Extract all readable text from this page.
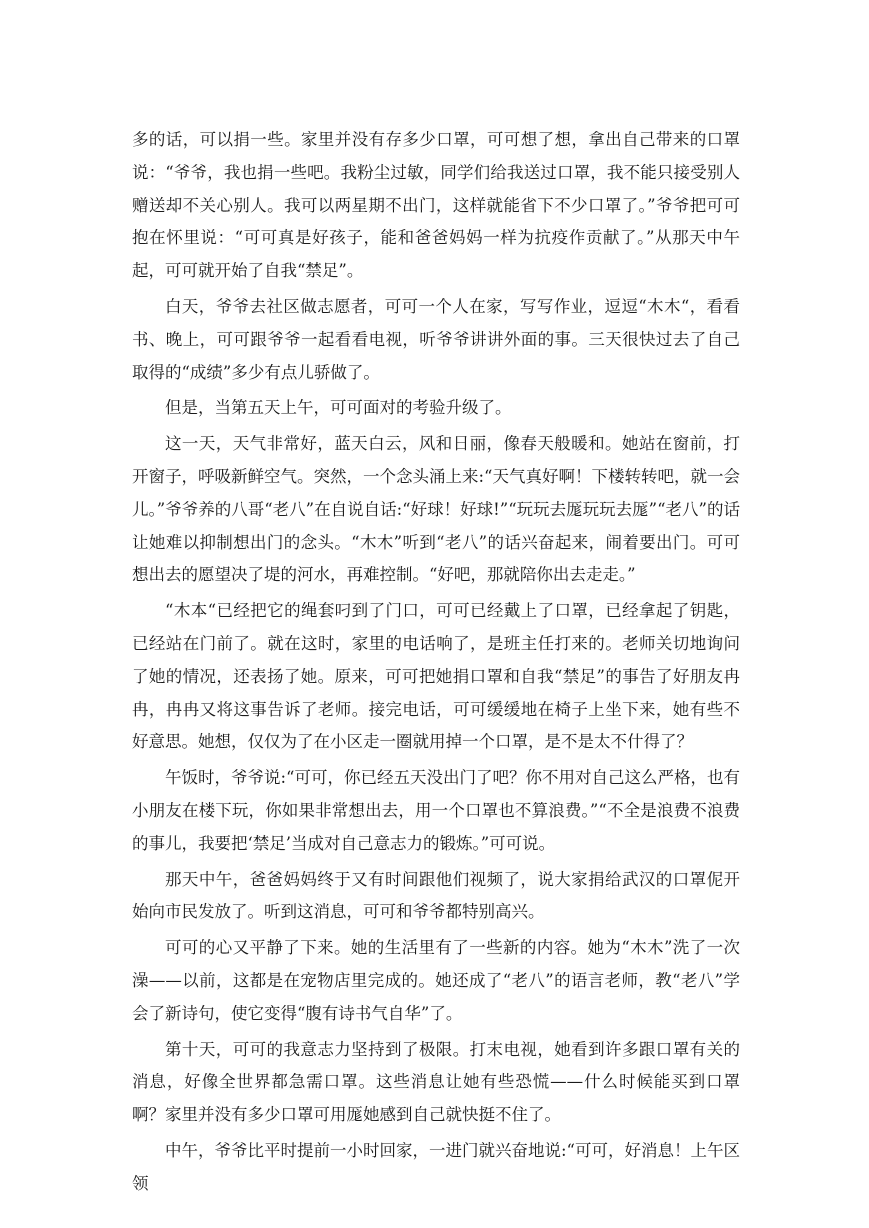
多的话，可以捐一些。家里并没有存多少口罩，可可想了想，拿出自己带来的口罩 说：“爷爷，我也捐一些吧。我粉尘过敏，同学们给我送过口罩，我不能只接受别人赠送却不关心别人。我可以两星期不出门，这样就能省下不少口罩了。”爷爷把可可抱在怀里说：“可可真是好孩子，能和爸爸妈妈一样为抗疫作贡献了。”从那天中午起，可可就开始了自我“禁足”。

白天，爷爷去社区做志愿者，可可一个人在家，写写作业，逗逗“木木“，看看书、晚上，可可跟爷爷一起看看电视，听爷爷讲讲外面的事。三天很快过去了自己取得的“成绩”多少有点儿骄做了。

但是，当第五天上午，可可面对的考验升级了。

这一天，天气非常好，蓝天白云，风和日丽，像春天般暖和。她站在窗前，打开窗子，呼吸新鲜空气。突然，一个念头涌上来:“天气真好啊！下楼转转吧，就一会儿。”爷爷养的八哥“老八”在自说自话:“好球！好球!”“玩玩去厖玩玩去厖”“老八”的话让她难以抑制想出门的念头。“木木”听到“老八”的话兴奋起来，闹着要出门。可可想出去的愿望决了堤的河水，再难控制。“好吧，那就陪你出去走走。”

“木本“已经把它的绳套叼到了门口，可可已经戴上了口罩，已经拿起了钥匙，已经站在门前了。就在这时，家里的电话响了，是班主任打来的。老师关切地询问了她的情况，还表扬了她。原来，可可把她捐口罩和自我“禁足”的事告了好朋友冉冉，冉冉又将这事告诉了老师。接完电话，可可缓缓地在椅子上坐下来，她有些不好意思。她想，仅仅为了在小区走一圈就用掉一个口罩，是不是太不什得了？

午饭时，爷爷说:“可可，你已经五天没出门了吧？你不用对自己这么严格，也有小朋友在楼下玩，你如果非常想出去，用一个口罩也不算浪费。”“不全是浪费不浪费的事儿，我要把‘禁足’当成对自己意志力的锻炼。”可可说。

那天中午，爸爸妈妈终于又有时间跟他们视频了，说大家捐给武汉的口罩伲开始向市民发放了。听到这消息，可可和爷爷都特别高兴。

可可的心又平静了下来。她的生活里有了一些新的内容。她为“木木”洗了一次澡——以前，这都是在宠物店里完成的。她还成了“老八”的语言老师，教“老八”学会了新诗句，使它变得“腹有诗书气自华”了。

第十天，可可的我意志力坚持到了极限。打末电视，她看到许多跟口罩有关的消息，好像全世界都急需口罩。这些消息让她有些恐慌——什么时候能买到口罩啊？家里并没有多少口罩可用厖她感到自己就快挺不住了。

中午，爷爷比平时提前一小时回家，一进门就兴奋地说:“可可，好消息！上午区领
